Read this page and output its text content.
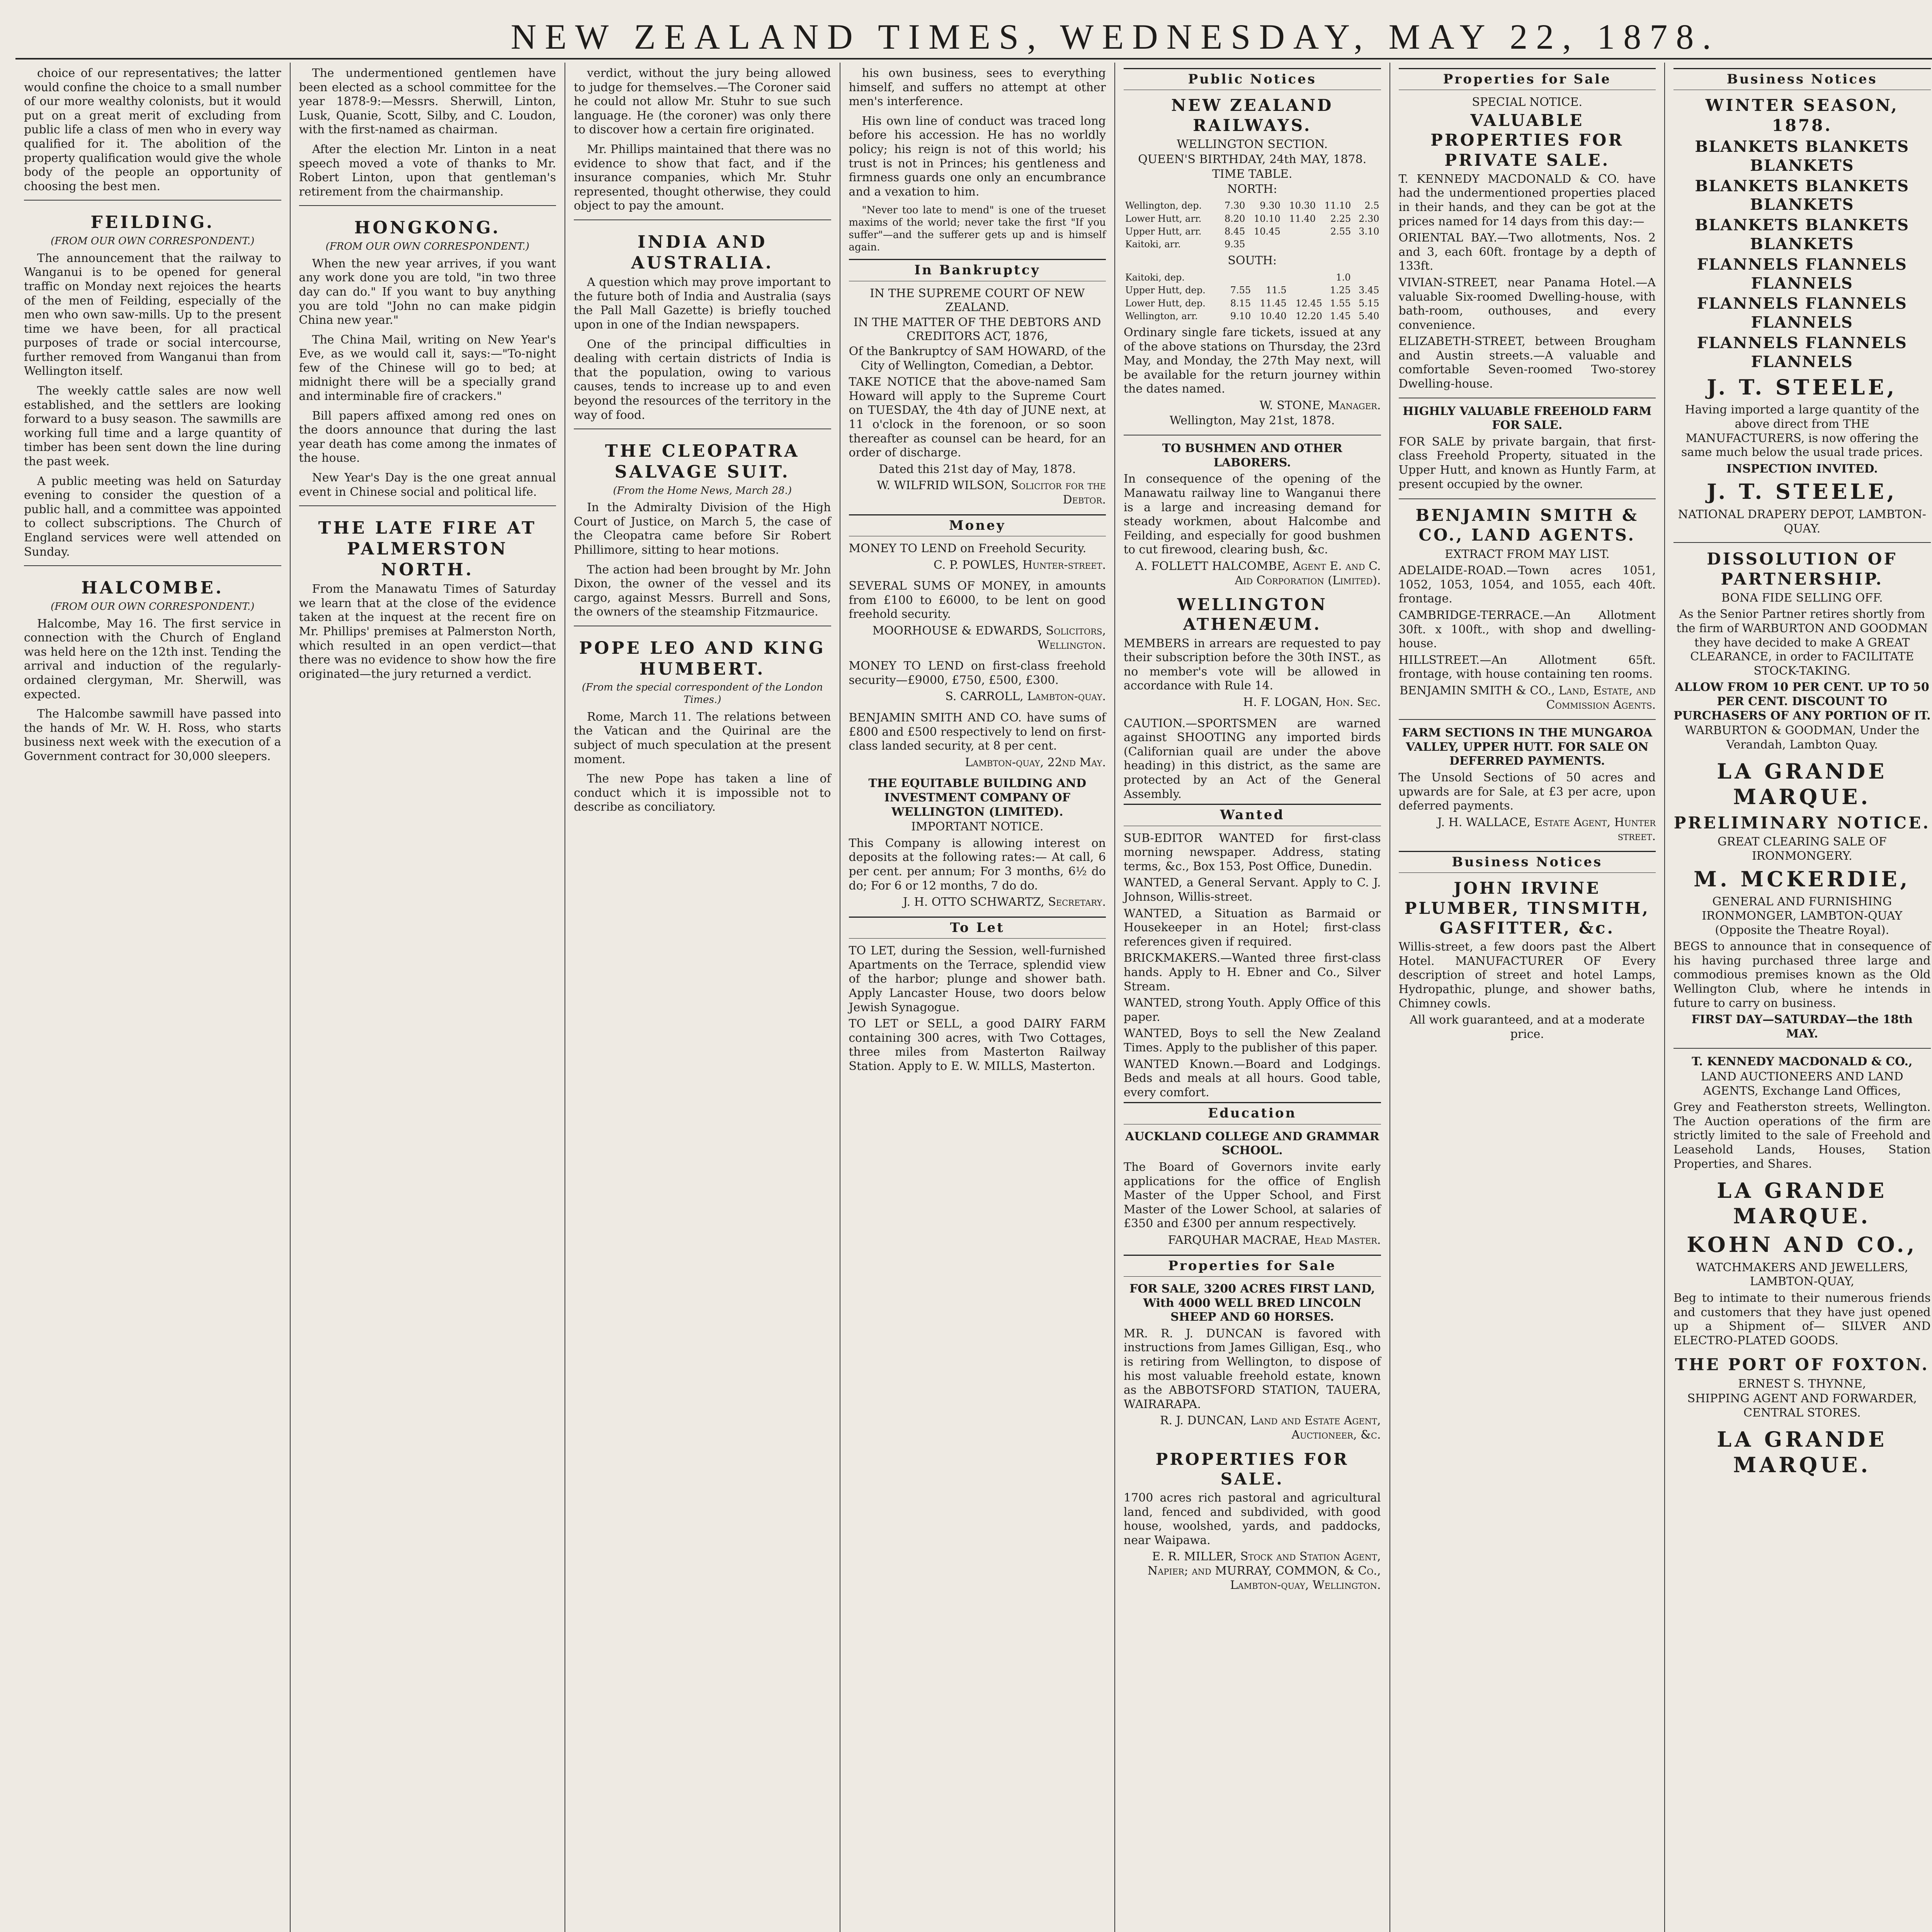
NEW ZEALAND TIMES, WEDNESDAY, MAY 22, 1878.

choice of our representatives; the latter would confine the choice to a small number of our more wealthy colonists, but it would put on a great merit of excluding from public life a class of men who in every way qualified for it. The abolition of the property qualification would give the whole body of the people an opportunity of choosing the best men.

FEILDING.
(FROM OUR OWN CORRESPONDENT.)

The announcement that the railway to Wanganui is to be opened for general traffic on Monday next rejoices the hearts of the men of Feilding, especially of the men who own saw-mills. Up to the present time we have been, for all practical purposes of trade or social intercourse, further removed from Wanganui than from Wellington itself.

The weekly cattle sales are now well established, and the settlers are looking forward to a busy season. The sawmills are working full time and a large quantity of timber has been sent down the line during the past week.

A public meeting was held on Saturday evening to consider the question of a public hall, and a committee was appointed to collect subscriptions. The Church of England services were well attended on Sunday.

HALCOMBE.
(FROM OUR OWN CORRESPONDENT.)

Halcombe, May 16. The first service in connection with the Church of England was held here on the 12th inst. Tending the arrival and induction of the regularly-ordained clergyman, Mr. Sherwill, was expected.

The Halcombe sawmill have passed into the hands of Mr. W. H. Ross, who starts business next week with the execution of a Government contract for 30,000 sleepers.

The undermentioned gentlemen have been elected as a school committee for the year 1878-9:—Messrs. Sherwill, Linton, Lusk, Quanie, Scott, Silby, and C. Loudon, with the first-named as chairman.

After the election Mr. Linton in a neat speech moved a vote of thanks to Mr. Robert Linton, upon that gentleman's retirement from the chairmanship.

HONGKONG.
(FROM OUR OWN CORRESPONDENT.)

When the new year arrives, if you want any work done you are told, "in two three day can do." If you want to buy anything you are told "John no can make pidgin China new year."

The China Mail, writing on New Year's Eve, as we would call it, says:—"To-night few of the Chinese will go to bed; at midnight there will be a specially grand and interminable fire of crackers."

Bill papers affixed among red ones on the doors announce that during the last year death has come among the inmates of the house.

New Year's Day is the one great annual event in Chinese social and political life.

THE LATE FIRE AT PALMERSTON NORTH.

From the Manawatu Times of Saturday we learn that at the close of the evidence taken at the inquest at the recent fire on Mr. Phillips' premises at Palmerston North, which resulted in an open verdict—that there was no evidence to show how the fire originated—the jury returned a verdict.

verdict, without the jury being allowed to judge for themselves.—The Coroner said he could not allow Mr. Stuhr to sue such language. He (the coroner) was only there to discover how a certain fire originated.

Mr. Phillips maintained that there was no evidence to show that fact, and if the insurance companies, which Mr. Stuhr represented, thought otherwise, they could object to pay the amount.

INDIA AND AUSTRALIA.

A question which may prove important to the future both of India and Australia (says the Pall Mall Gazette) is briefly touched upon in one of the Indian newspapers.

One of the principal difficulties in dealing with certain districts of India is that the population, owing to various causes, tends to increase up to and even beyond the resources of the territory in the way of food.

THE CLEOPATRA SALVAGE SUIT.
(From the Home News, March 28.)

In the Admiralty Division of the High Court of Justice, on March 5, the case of the Cleopatra came before Sir Robert Phillimore, sitting to hear motions.

The action had been brought by Mr. John Dixon, the owner of the vessel and its cargo, against Messrs. Burrell and Sons, the owners of the steamship Fitzmaurice.

POPE LEO AND KING HUMBERT.
(From the special correspondent of the London Times.)

Rome, March 11. The relations between the Vatican and the Quirinal are the subject of much speculation at the present moment.

The new Pope has taken a line of conduct which it is impossible not to describe as conciliatory.

his own business, sees to everything himself, and suffers no attempt at other men's interference.

His own line of conduct was traced long before his accession. He has no worldly policy; his reign is not of this world; his trust is not in Princes; his gentleness and firmness guards one only an encumbrance and a vexation to him.

"Never too late to mend" is one of the trueset maxims of the world; never take the first "If you suffer"—and the sufferer gets up and is himself again.

In Bankruptcy
IN THE SUPREME COURT OF NEW ZEALAND.
IN THE MATTER OF THE DEBTORS AND CREDITORS ACT, 1876,
Of the Bankruptcy of SAM HOWARD, of the City of Wellington, Comedian, a Debtor.

TAKE NOTICE that the above-named Sam Howard will apply to the Supreme Court on TUESDAY, the 4th day of JUNE next, at 11 o'clock in the forenoon, or so soon thereafter as counsel can be heard, for an order of discharge.

Dated this 21st day of May, 1878.
W. WILFRID WILSON, Solicitor for the Debtor.
Money

MONEY TO LEND on Freehold Security.

C. P. POWLES, Hunter-street.

SEVERAL SUMS OF MONEY, in amounts from £100 to £6000, to be lent on good freehold security.

MOORHOUSE & EDWARDS, Solicitors, Wellington.

MONEY TO LEND on first-class freehold security—£9000, £750, £500, £300.

S. CARROLL, Lambton-quay.

BENJAMIN SMITH AND CO. have sums of £800 and £500 respectively to lend on first-class landed security, at 8 per cent.

Lambton-quay, 22nd May.
THE EQUITABLE BUILDING AND INVESTMENT COMPANY OF WELLINGTON (LIMITED).
IMPORTANT NOTICE.

This Company is allowing interest on deposits at the following rates:— At call, 6 per cent. per annum; For 3 months, 6½ do do; For 6 or 12 months, 7 do do.

J. H. OTTO SCHWARTZ, Secretary.
To Let

TO LET, during the Session, well-furnished Apartments on the Terrace, splendid view of the harbor; plunge and shower bath. Apply Lancaster House, two doors below Jewish Synagogue.

TO LET or SELL, a good DAIRY FARM containing 300 acres, with Two Cottages, three miles from Masterton Railway Station. Apply to E. W. MILLS, Masterton.

Public Notices
NEW ZEALAND RAILWAYS.
WELLINGTON SECTION.
QUEEN'S BIRTHDAY, 24th MAY, 1878.
TIME TABLE.
NORTH:
Wellington, dep.	7.30	9.30	10.30	11.10	2.5
Lower Hutt, arr.	8.20	10.10	11.40	2.25	2.30
Upper Hutt, arr.	8.45	10.45		2.55	3.10
Kaitoki, arr.	9.35				
SOUTH:
Kaitoki, dep.				1.0	
Upper Hutt, dep.	7.55	11.5		1.25	3.45
Lower Hutt, dep.	8.15	11.45	12.45	1.55	5.15
Wellington, arr.	9.10	10.40	12.20	1.45	5.40

Ordinary single fare tickets, issued at any of the above stations on Thursday, the 23rd May, and Monday, the 27th May next, will be available for the return journey within the dates named.

W. STONE, Manager.
Wellington, May 21st, 1878.
TO BUSHMEN AND OTHER LABORERS.

In consequence of the opening of the Manawatu railway line to Wanganui there is a large and increasing demand for steady workmen, about Halcombe and Feilding, and especially for good bushmen to cut firewood, clearing bush, &c.

A. FOLLETT HALCOMBE, Agent E. and C. Aid Corporation (Limited).
WELLINGTON ATHENÆUM.

MEMBERS in arrears are requested to pay their subscription before the 30th INST., as no member's vote will be allowed in accordance with Rule 14.

H. F. LOGAN, Hon. Sec.

CAUTION.—SPORTSMEN are warned against SHOOTING any imported birds (Californian quail are under the above heading) in this district, as the same are protected by an Act of the General Assembly.

Wanted

SUB-EDITOR WANTED for first-class morning newspaper. Address, stating terms, &c., Box 153, Post Office, Dunedin.

WANTED, a General Servant. Apply to C. J. Johnson, Willis-street.

WANTED, a Situation as Barmaid or Housekeeper in an Hotel; first-class references given if required.

BRICKMAKERS.—Wanted three first-class hands. Apply to H. Ebner and Co., Silver Stream.

WANTED, strong Youth. Apply Office of this paper.

WANTED, Boys to sell the New Zealand Times. Apply to the publisher of this paper.

WANTED Known.—Board and Lodgings. Beds and meals at all hours. Good table, every comfort.

Education
AUCKLAND COLLEGE AND GRAMMAR SCHOOL.

The Board of Governors invite early applications for the office of English Master of the Upper School, and First Master of the Lower School, at salaries of £350 and £300 per annum respectively.

FARQUHAR MACRAE, Head Master.
Properties for Sale
FOR SALE, 3200 ACRES FIRST LAND, With 4000 WELL BRED LINCOLN SHEEP AND 60 HORSES.

MR. R. J. DUNCAN is favored with instructions from James Gilligan, Esq., who is retiring from Wellington, to dispose of his most valuable freehold estate, known as the ABBOTSFORD STATION, TAUERA, WAIRARAPA.

R. J. DUNCAN, Land and Estate Agent, Auctioneer, &c.
PROPERTIES FOR SALE.

1700 acres rich pastoral and agricultural land, fenced and subdivided, with good house, woolshed, yards, and paddocks, near Waipawa.

E. R. MILLER, Stock and Station Agent, Napier; and MURRAY, COMMON, & Co., Lambton-quay, Wellington.
Properties for Sale
SPECIAL NOTICE.
VALUABLE PROPERTIES FOR PRIVATE SALE.

T. KENNEDY MACDONALD & CO. have had the undermentioned properties placed in their hands, and they can be got at the prices named for 14 days from this day:—

ORIENTAL BAY.—Two allotments, Nos. 2 and 3, each 60ft. frontage by a depth of 133ft.

VIVIAN-STREET, near Panama Hotel.—A valuable Six-roomed Dwelling-house, with bath-room, outhouses, and every convenience.

ELIZABETH-STREET, between Brougham and Austin streets.—A valuable and comfortable Seven-roomed Two-storey Dwelling-house.

HIGHLY VALUABLE FREEHOLD FARM FOR SALE.

FOR SALE by private bargain, that first-class Freehold Property, situated in the Upper Hutt, and known as Huntly Farm, at present occupied by the owner.

BENJAMIN SMITH & CO., LAND AGENTS.
EXTRACT FROM MAY LIST.

ADELAIDE-ROAD.—Town acres 1051, 1052, 1053, 1054, and 1055, each 40ft. frontage.

CAMBRIDGE-TERRACE.—An Allotment 30ft. x 100ft., with shop and dwelling-house.

HILLSTREET.—An Allotment 65ft. frontage, with house containing ten rooms.

BENJAMIN SMITH & CO., Land, Estate, and Commission Agents.
FARM SECTIONS IN THE MUNGAROA VALLEY, UPPER HUTT. FOR SALE ON DEFERRED PAYMENTS.

The Unsold Sections of 50 acres and upwards are for Sale, at £3 per acre, upon deferred payments.

J. H. WALLACE, Estate Agent, Hunter street.
Business Notices
JOHN IRVINE PLUMBER, TINSMITH, GASFITTER, &c.

Willis-street, a few doors past the Albert Hotel. MANUFACTURER OF Every description of street and hotel Lamps, Hydropathic, plunge, and shower baths, Chimney cowls.

All work guaranteed, and at a moderate price.
Business Notices
WINTER SEASON, 1878.
BLANKETS BLANKETS BLANKETS
BLANKETS BLANKETS BLANKETS
BLANKETS BLANKETS BLANKETS
FLANNELS FLANNELS FLANNELS
FLANNELS FLANNELS FLANNELS
FLANNELS FLANNELS FLANNELS
J. T. STEELE,

Having imported a large quantity of the above direct from THE MANUFACTURERS, is now offering the same much below the usual trade prices.

INSPECTION INVITED.
J. T. STEELE,
NATIONAL DRAPERY DEPOT, LAMBTON-QUAY.
DISSOLUTION OF PARTNERSHIP.
BONA FIDE SELLING OFF.

As the Senior Partner retires shortly from the firm of WARBURTON AND GOODMAN they have decided to make A GREAT CLEARANCE, in order to FACILITATE STOCK-TAKING.

ALLOW FROM 10 PER CENT. UP TO 50 PER CENT. DISCOUNT TO PURCHASERS OF ANY PORTION OF IT.
WARBURTON & GOODMAN, Under the Verandah, Lambton Quay.
LA GRANDE MARQUE.
PRELIMINARY NOTICE.
GREAT CLEARING SALE OF IRONMONGERY.
M. MCKERDIE,
GENERAL AND FURNISHING IRONMONGER, LAMBTON-QUAY (Opposite the Theatre Royal).

BEGS to announce that in consequence of his having purchased three large and commodious premises known as the Old Wellington Club, where he intends in future to carry on business.

FIRST DAY—SATURDAY—the 18th MAY.
T. KENNEDY MACDONALD & CO.,
LAND AUCTIONEERS AND LAND AGENTS, Exchange Land Offices,

Grey and Featherston streets, Wellington. The Auction operations of the firm are strictly limited to the sale of Freehold and Leasehold Lands, Houses, Station Properties, and Shares.

LA GRANDE MARQUE.
KOHN AND CO.,
WATCHMAKERS AND JEWELLERS, LAMBTON-QUAY,

Beg to intimate to their numerous friends and customers that they have just opened up a Shipment of— SILVER AND ELECTRO-PLATED GOODS.

THE PORT OF FOXTON.
ERNEST S. THYNNE,
SHIPPING AGENT AND FORWARDER, CENTRAL STORES.
LA GRANDE MARQUE.
